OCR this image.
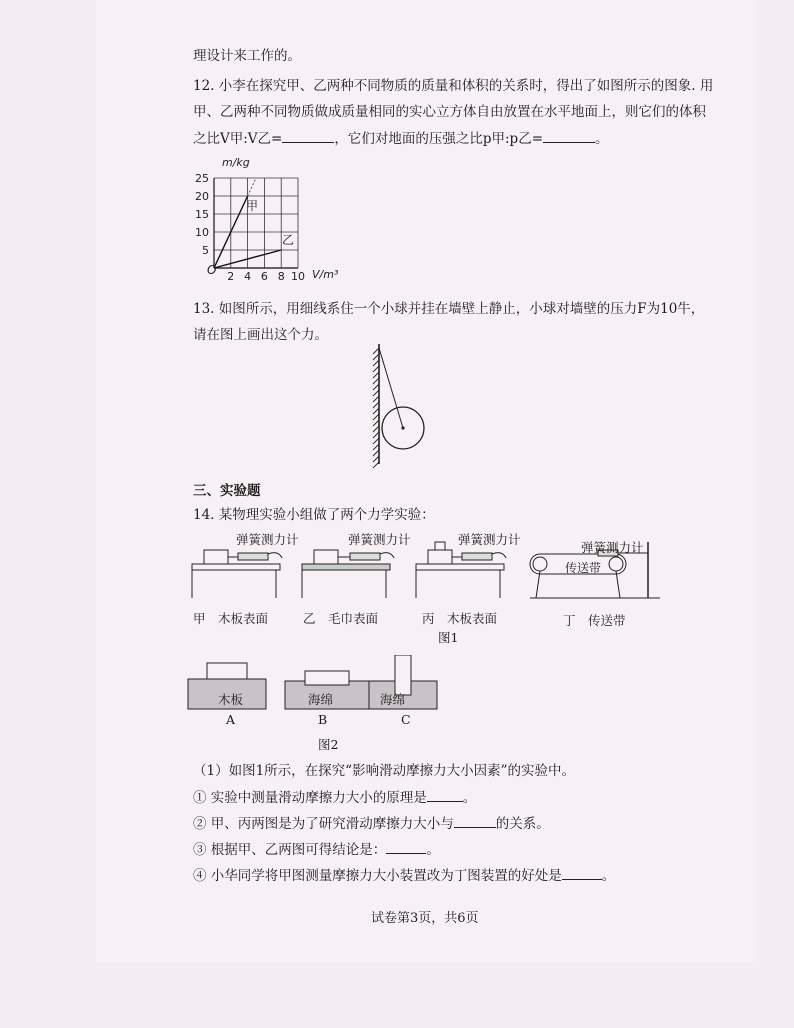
理设计来工作的。
12. 小李在探究甲、乙两种不同物质的质量和体积的关系时，得出了如图所示的图象. 用
甲、乙两种不同物质做成质量相同的实心立方体自由放置在水平地面上，则它们的体积
之比V甲:V乙=	，它们对地面的压强之比p甲:p乙=	。
m/kg
V/m³
O
25
20
15
10
5
2 4 6 8 10
甲
乙
13. 如图所示，用细线系住一个小球并挂在墙壁上静止，小球对墙壁的压力F为10牛，
请在图上画出这个力。
三、实验题
14. 某物理实验小组做了两个力学实验：
弹簧测力计	弹簧测力计	弹簧测力计
弹簧测力计
传送带
甲　木板表面	乙　毛巾表面	丙　木板表面	丁　传送带
图1
木板	海绵	海绵
A	B	C
图2
（1）如图1所示，在探究“影响滑动摩擦力大小因素”的实验中。
① 实验中测量滑动摩擦力大小的原理是	。
② 甲、丙两图是为了研究滑动摩擦力大小与	的关系。
③ 根据甲、乙两图可得结论是：	。
④ 小华同学将甲图测量摩擦力大小装置改为丁图装置的好处是	。
试卷第3页，共6页
